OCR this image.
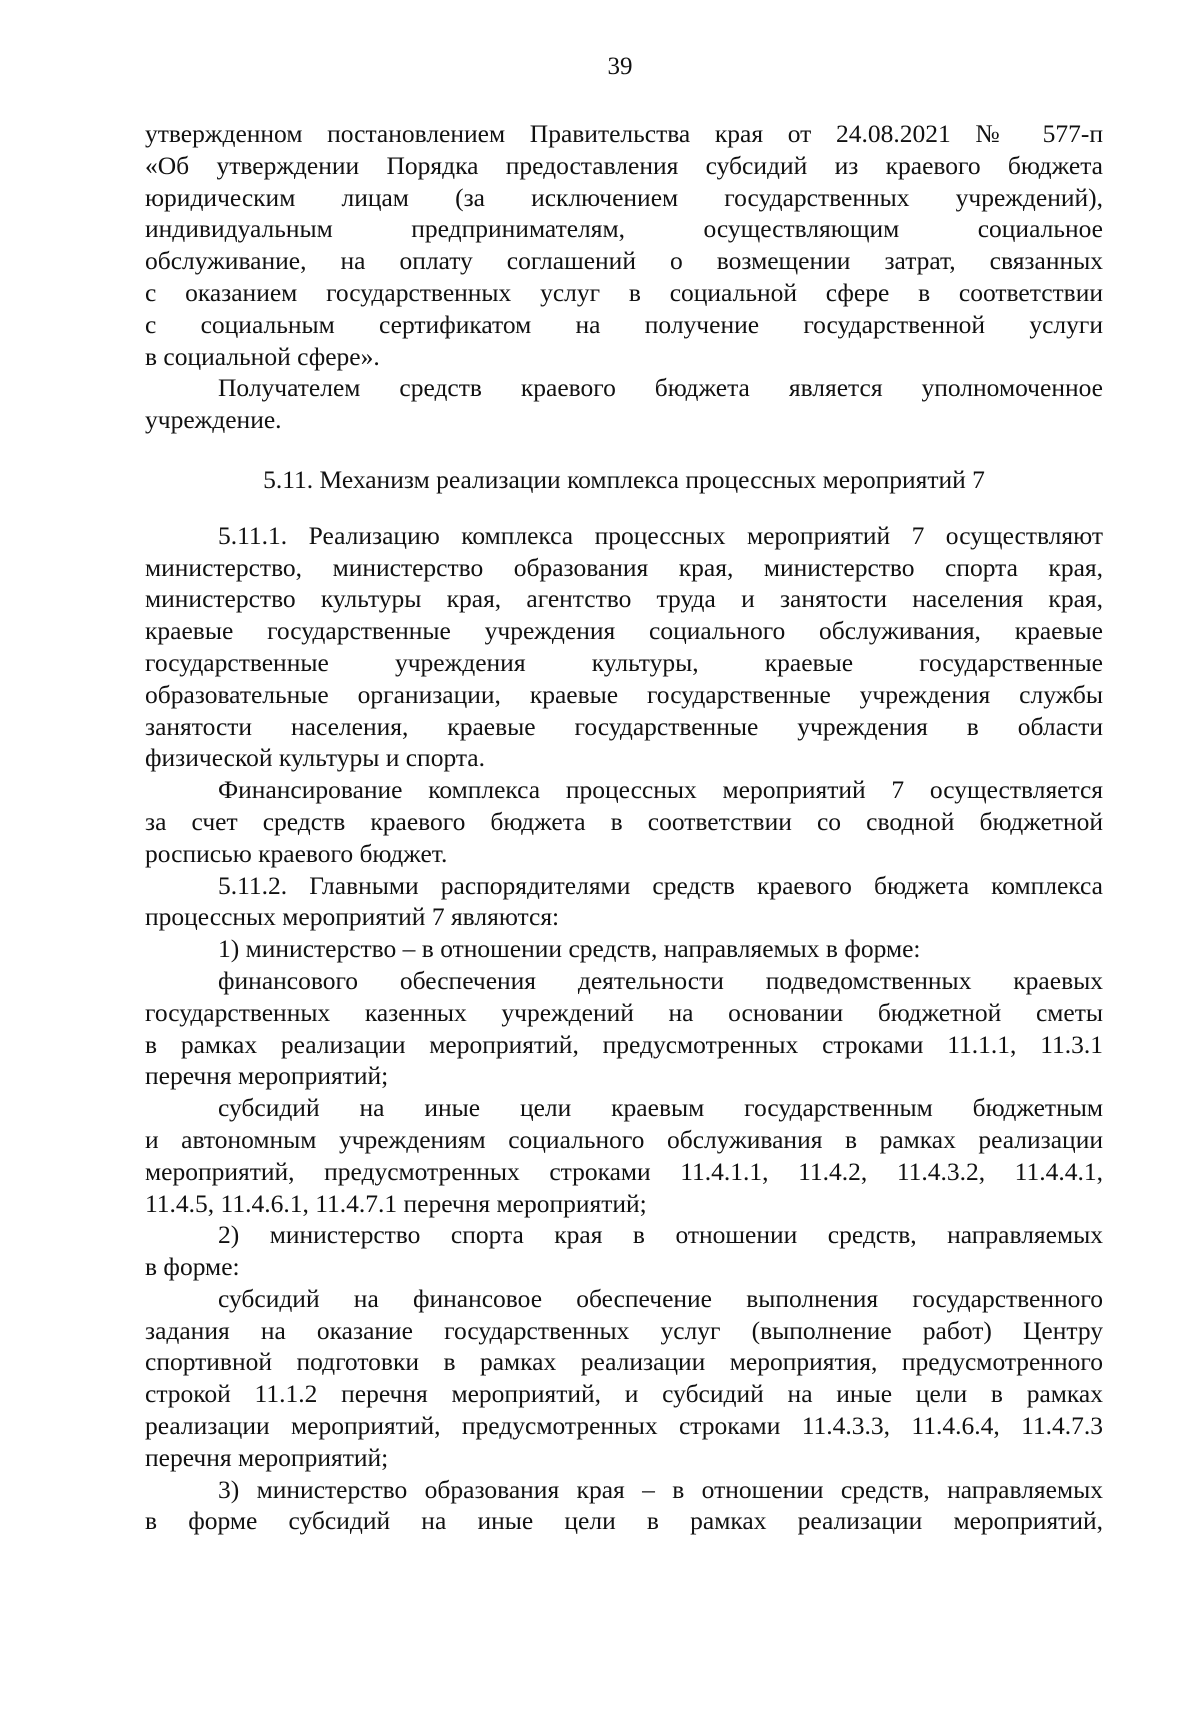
39
утвержденном постановлением Правительства края от 24.08.2021 № 577-п
«Об утверждении Порядка предоставления субсидий из краевого бюджета
юридическим лицам (за исключением государственных учреждений),
индивидуальным предпринимателям, осуществляющим социальное
обслуживание, на оплату соглашений о возмещении затрат, связанных
с оказанием государственных услуг в социальной сфере в соответствии
с социальным сертификатом на получение государственной услуги
в социальной сфере».
Получателем средств краевого бюджета является уполномоченное
учреждение.
5.11. Механизм реализации комплекса процессных мероприятий 7
5.11.1. Реализацию комплекса процессных мероприятий 7 осуществляют
министерство, министерство образования края, министерство спорта края,
министерство культуры края, агентство труда и занятости населения края,
краевые государственные учреждения социального обслуживания, краевые
государственные учреждения культуры, краевые государственные
образовательные организации, краевые государственные учреждения службы
занятости населения, краевые государственные учреждения в области
физической культуры и спорта.
Финансирование комплекса процессных мероприятий 7 осуществляется
за счет средств краевого бюджета в соответствии со сводной бюджетной
росписью краевого бюджет.
5.11.2. Главными распорядителями средств краевого бюджета комплекса
процессных мероприятий 7 являются:
1) министерство – в отношении средств, направляемых в форме:
финансового обеспечения деятельности подведомственных краевых
государственных казенных учреждений на основании бюджетной сметы
в рамках реализации мероприятий, предусмотренных строками 11.1.1, 11.3.1
перечня мероприятий;
субсидий на иные цели краевым государственным бюджетным
и автономным учреждениям социального обслуживания в рамках реализации
мероприятий, предусмотренных строками 11.4.1.1, 11.4.2, 11.4.3.2, 11.4.4.1,
11.4.5, 11.4.6.1, 11.4.7.1 перечня мероприятий;
2) министерство спорта края в отношении средств, направляемых
в форме:
субсидий на финансовое обеспечение выполнения государственного
задания на оказание государственных услуг (выполнение работ) Центру
спортивной подготовки в рамках реализации мероприятия, предусмотренного
строкой 11.1.2 перечня мероприятий, и субсидий на иные цели в рамках
реализации мероприятий, предусмотренных строками 11.4.3.3, 11.4.6.4, 11.4.7.3
перечня мероприятий;
3) министерство образования края – в отношении средств, направляемых
в форме субсидий на иные цели в рамках реализации мероприятий,
